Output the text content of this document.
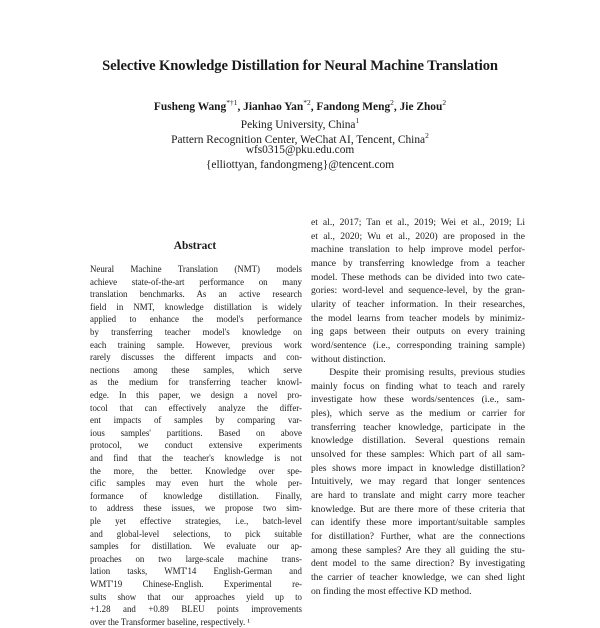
Selective Knowledge Distillation for Neural Machine Translation
Fusheng Wang$^{*\dagger 1}$, Jianhao Yan$^{*2}$, Fandong Meng$^2$, Jie Zhou$^2$
Peking University, China$^1$
Pattern Recognition Center, WeChat AI, Tencent, China$^2$
wfs0315@pku.edu.com
{elliottyan, fandongmeng}@tencent.com
Abstract
Neural Machine Translation (NMT) models
achieve state-of-the-art performance on many
translation benchmarks. As an active research
field in NMT, knowledge distillation is widely
applied to enhance the model's performance
by transferring teacher model's knowledge on
each training sample. However, previous work
rarely discusses the different impacts and con-
nections among these samples, which serve
as the medium for transferring teacher knowl-
edge. In this paper, we design a novel pro-
tocol that can effectively analyze the differ-
ent impacts of samples by comparing var-
ious samples' partitions. Based on above
protocol, we conduct extensive experiments
and find that the teacher's knowledge is not
the more, the better. Knowledge over spe-
cific samples may even hurt the whole per-
formance of knowledge distillation. Finally,
to address these issues, we propose two sim-
ple yet effective strategies, i.e., batch-level
and global-level selections, to pick suitable
samples for distillation. We evaluate our ap-
proaches on two large-scale machine trans-
lation tasks, WMT'14 English-German and
WMT'19 Chinese-English. Experimental re-
sults show that our approaches yield up to
+1.28 and +0.89 BLEU points improvements
over the Transformer baseline, respectively. ¹
et al., 2017; Tan et al., 2019; Wei et al., 2019; Li
et al., 2020; Wu et al., 2020) are proposed in the
machine translation to help improve model perfor-
mance by transferring knowledge from a teacher
model. These methods can be divided into two cate-
gories: word-level and sequence-level, by the gran-
ularity of teacher information. In their researches,
the model learns from teacher models by minimiz-
ing gaps between their outputs on every training
word/sentence (i.e., corresponding training sample)
without distinction.
Despite their promising results, previous studies
mainly focus on finding what to teach and rarely
investigate how these words/sentences (i.e., sam-
ples), which serve as the medium or carrier for
transferring teacher knowledge, participate in the
knowledge distillation. Several questions remain
unsolved for these samples: Which part of all sam-
ples shows more impact in knowledge distillation?
Intuitively, we may regard that longer sentences
are hard to translate and might carry more teacher
knowledge. But are there more of these criteria that
can identify these more important/suitable samples
for distillation? Further, what are the connections
among these samples? Are they all guiding the stu-
dent model to the same direction? By investigating
the carrier of teacher knowledge, we can shed light
on finding the most effective KD method.
